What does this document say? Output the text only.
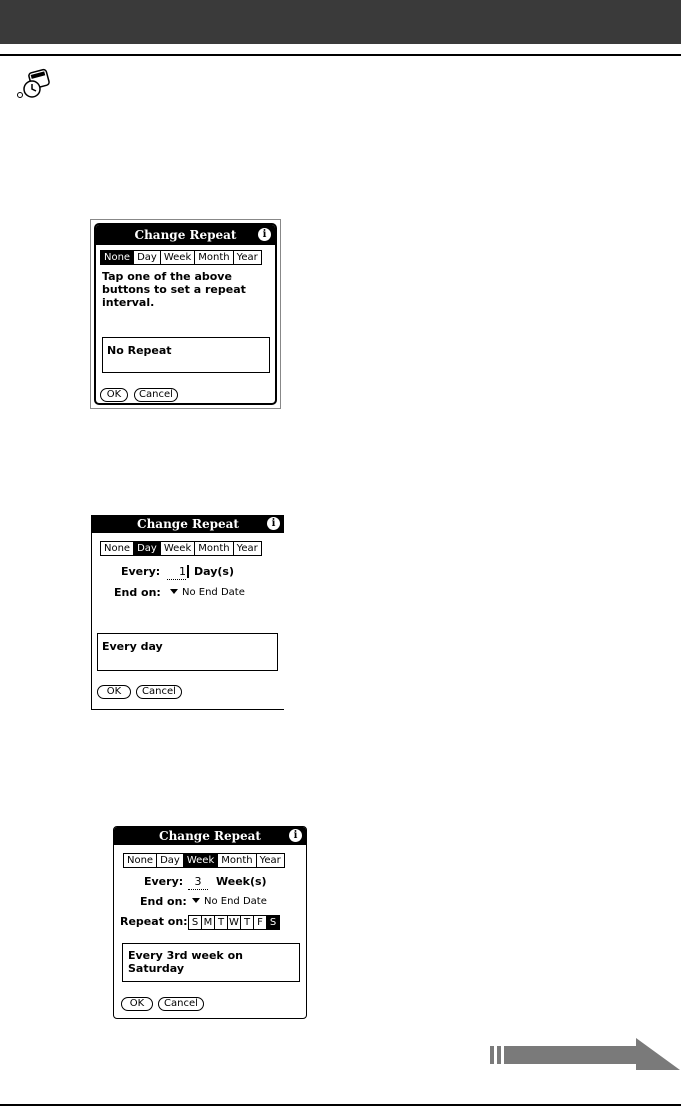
Change Repeat	i
None Day Week Month Year
Tap one of the above
buttons to set a repeat
interval.
No Repeat
OK	Cancel
Change Repeat	i
None Day Week Month Year
Every:	1 Day(s)
End on:	No End Date
Every day
OK	Cancel
Change Repeat	i
None Day Week Month Year
Every:	3	Week(s)
End on:	No End Date
Repeat on: S M T W T F S
Every 3rd week on
Saturday
OK	Cancel
